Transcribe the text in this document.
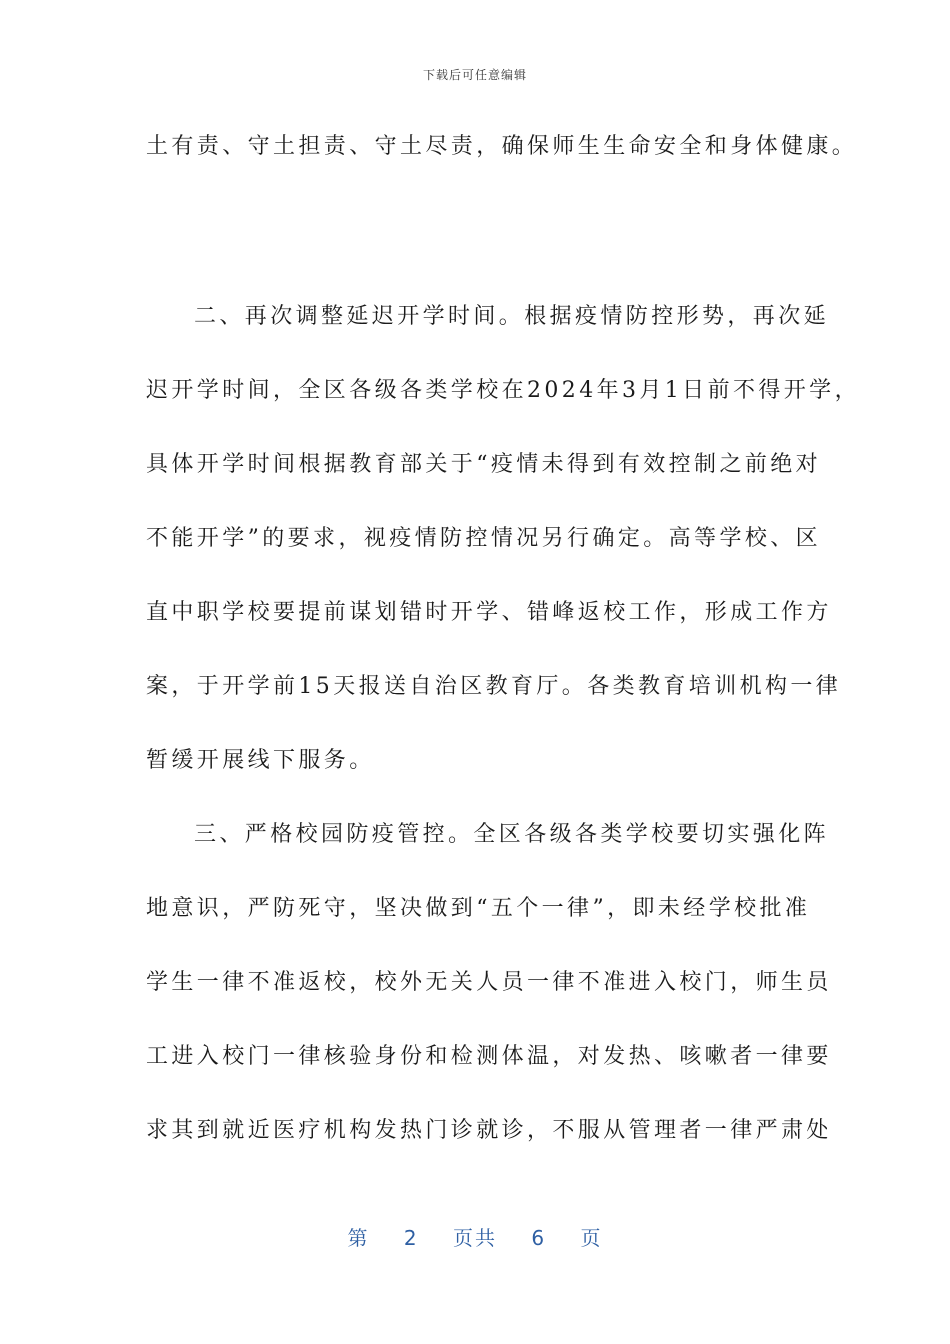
下载后可任意编辑
土有责、守土担责、守土尽责，确保师生生命安全和身体健康。
二、再次调整延迟开学时间。根据疫情防控形势，再次延
迟开学时间，全区各级各类学校在2024年3月1日前不得开学，
具体开学时间根据教育部关于“疫情未得到有效控制之前绝对
不能开学”的要求，视疫情防控情况另行确定。高等学校、区
直中职学校要提前谋划错时开学、错峰返校工作，形成工作方
案，于开学前15天报送自治区教育厅。各类教育培训机构一律
暂缓开展线下服务。
三、严格校园防疫管控。全区各级各类学校要切实强化阵
地意识，严防死守，坚决做到“五个一律”，即未经学校批准
学生一律不准返校，校外无关人员一律不准进入校门，师生员
工进入校门一律核验身份和检测体温，对发热、咳嗽者一律要
求其到就近医疗机构发热门诊就诊，不服从管理者一律严肃处
第 2 页共 6 页
